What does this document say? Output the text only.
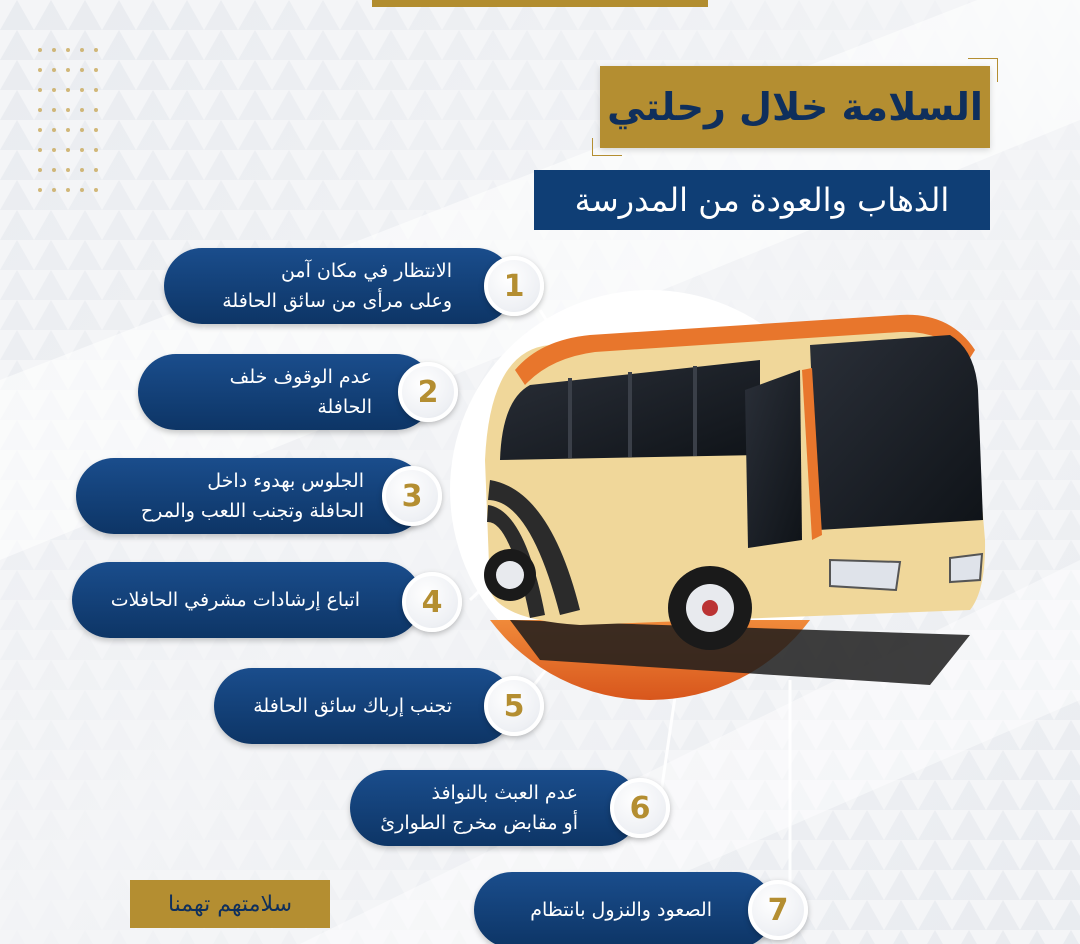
السلامة خلال رحلتي
الذهاب والعودة من المدرسة
الانتظار في مكان آمن
وعلى مرأى من سائق الحافلة	1
عدم الوقوف خلف
الحافلة	2
الجلوس بهدوء داخل
الحافلة وتجنب اللعب والمرح	3
اتباع إرشادات مشرفي الحافلات	4
تجنب إرباك سائق الحافلة	5
عدم العبث بالنوافذ
أو مقابض مخرج الطوارئ	6
الصعود والنزول بانتظام	7
سلامتهم تهمنا
